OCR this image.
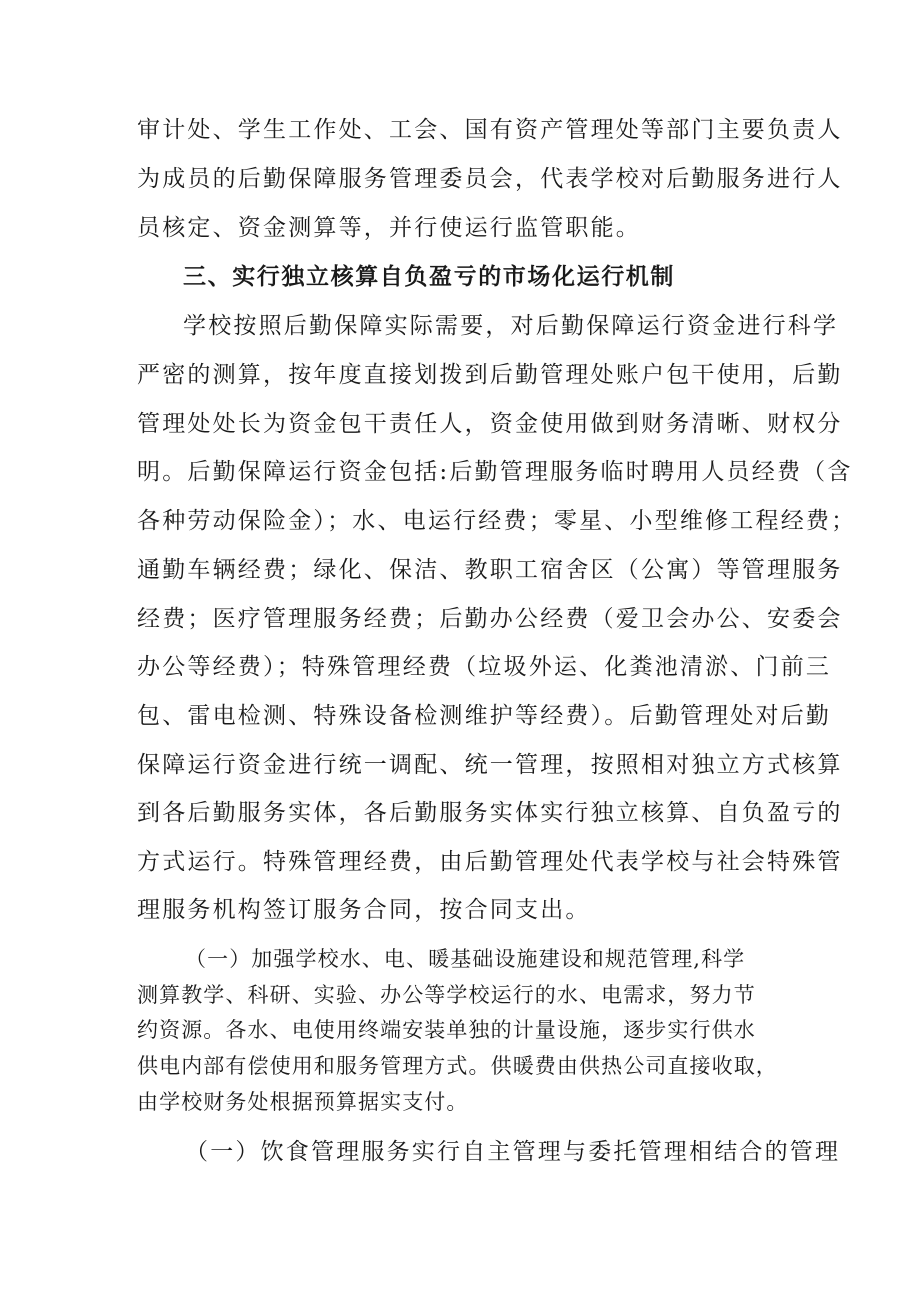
审计处、学生工作处、工会、国有资产管理处等部门主要负责人
为成员的后勤保障服务管理委员会，代表学校对后勤服务进行人
员核定、资金测算等，并行使运行监管职能。
三、实行独立核算自负盈亏的市场化运行机制
学校按照后勤保障实际需要，对后勤保障运行资金进行科学
严密的测算，按年度直接划拨到后勤管理处账户包干使用，后勤
管理处处长为资金包干责任人，资金使用做到财务清晰、财权分
明。后勤保障运行资金包括:后勤管理服务临时聘用人员经费（含
各种劳动保险金）；水、电运行经费；零星、小型维修工程经费；
通勤车辆经费；绿化、保洁、教职工宿舍区（公寓）等管理服务
经费；医疗管理服务经费；后勤办公经费（爱卫会办公、安委会
办公等经费）；特殊管理经费（垃圾外运、化粪池清淤、门前三
包、雷电检测、特殊设备检测维护等经费）。后勤管理处对后勤
保障运行资金进行统一调配、统一管理，按照相对独立方式核算
到各后勤服务实体，各后勤服务实体实行独立核算、自负盈亏的
方式运行。特殊管理经费，由后勤管理处代表学校与社会特殊管
理服务机构签订服务合同，按合同支出。
（一）加强学校水、电、暖基础设施建设和规范管理,科学
测算教学、科研、实验、办公等学校运行的水、电需求，努力节
约资源。各水、电使用终端安装单独的计量设施，逐步实行供水
供电内部有偿使用和服务管理方式。供暖费由供热公司直接收取，
由学校财务处根据预算据实支付。
（一）饮食管理服务实行自主管理与委托管理相结合的管理
